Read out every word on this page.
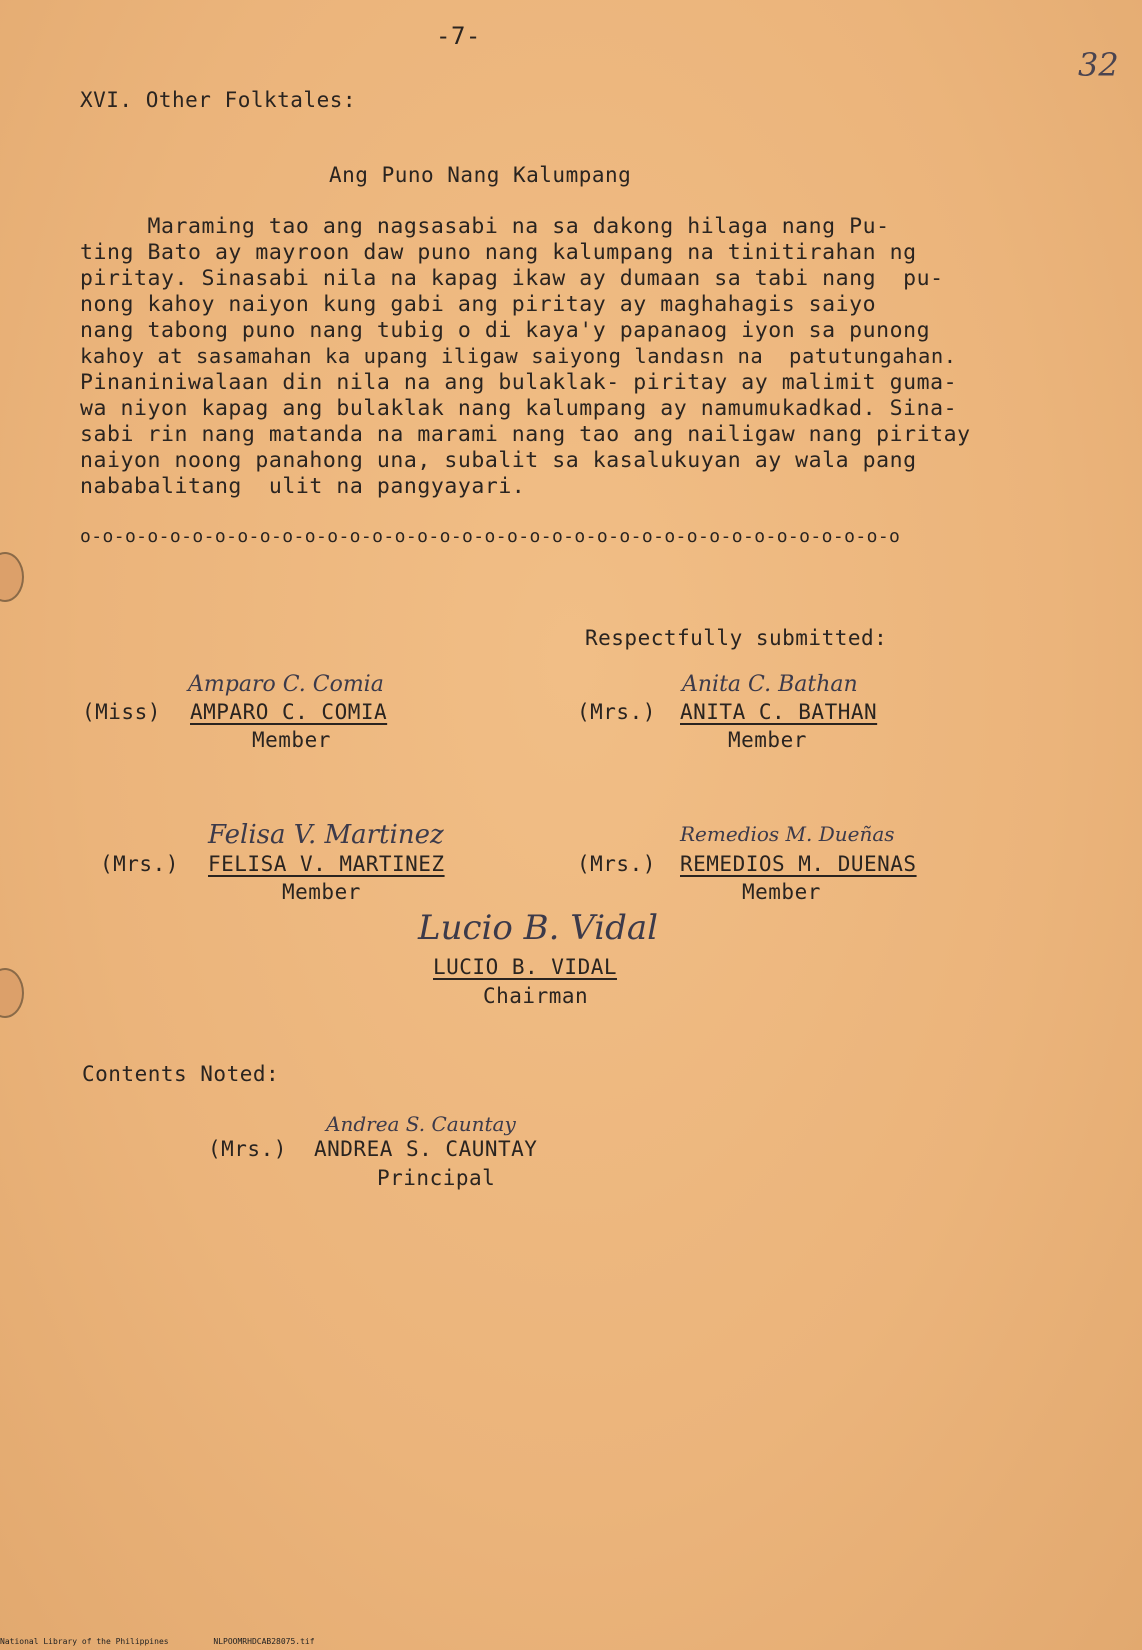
-7-
32
XVI. Other Folktales:
Ang Puno Nang Kalumpang
Maraming tao ang nagsasabi na sa dakong hilaga nang Pu-
ting Bato ay mayroon daw puno nang kalumpang na tinitirahan ng
piritay. Sinasabi nila na kapag ikaw ay dumaan sa tabi nang  pu-
nong kahoy naiyon kung gabi ang piritay ay maghahagis saiyo
nang tabong puno nang tubig o di kaya'y papanaog iyon sa punong
kahoy at sasamahan ka upang iligaw saiyong landasn na  patutungahan.
Pinaniniwalaan din nila na ang bulaklak- piritay ay malimit guma-
wa niyon kapag ang bulaklak nang kalumpang ay namumukadkad. Sina-
sabi rin nang matanda na marami nang tao ang nailigaw nang piritay
naiyon noong panahong una, subalit sa kasalukuyan ay wala pang
nababalitang  ulit na pangyayari.
o-o-o-o-o-o-o-o-o-o-o-o-o-o-o-o-o-o-o-o-o-o-o-o-o-o-o-o-o-o-o-o-o-o-o-o-o
Respectfully submitted:
Amparo C. Comia
(Miss) AMPARO C. COMIA
Member
Anita C. Bathan
(Mrs.) ANITA C. BATHAN
Member
Felisa V. Martinez
(Mrs.) FELISA V. MARTINEZ
Member
Remedios M. Dueñas
(Mrs.) REMEDIOS M. DUENAS
Member
Lucio B. Vidal
LUCIO B. VIDAL
Chairman
Contents Noted:
Andrea S. Cauntay
(Mrs.) ANDREA S. CAUNTAY
Principal
National Library of the Philippines	NLPOOMRHDCAB28075.tif
